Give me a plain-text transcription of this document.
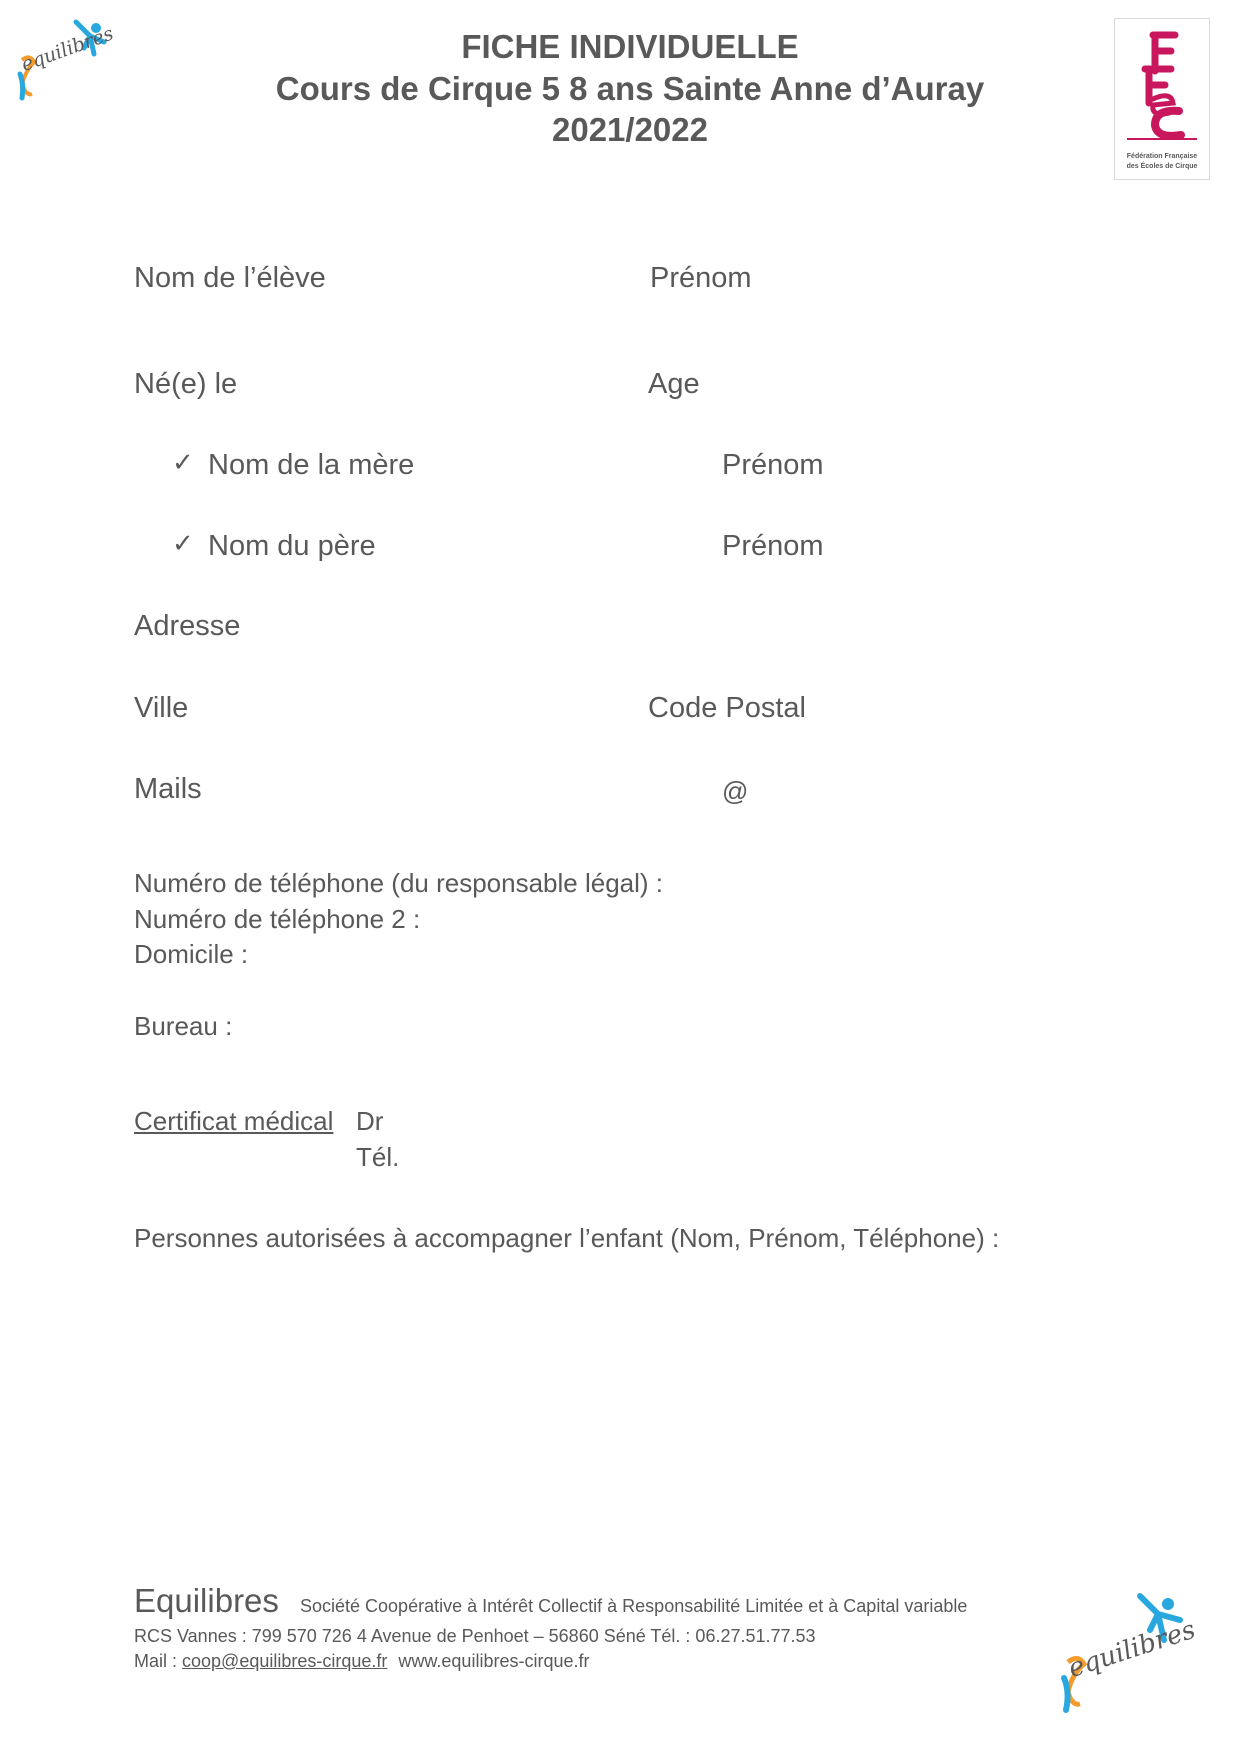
equilibres	FICHE INDIVIDUELLE
Cours de Cirque 5 8 ans Sainte Anne d’Auray
2021/2022
Fédération Française
des Écoles de Cirque
Nom de l’élève	Prénom
Né(e) le	Age
✓ Nom de la mère	Prénom
✓ Nom du père	Prénom
Adresse
Ville	Code Postal
Mails	@
Numéro de téléphone (du responsable légal) :
Numéro de téléphone 2 :
Domicile :
Bureau :
Certificat médical Dr
Tél.
Personnes autorisées à accompagner l’enfant (Nom, Prénom, Téléphone) :
Equilibres Société Coopérative à Intérêt Collectif à Responsabilité Limitée et à Capital variable
RCS Vannes : 799 570 726 4 Avenue de Penhoet – 56860 Séné Tél. : 06.27.51.77.53
Mail : coop@equilibres-cirque.fr www.equilibres-cirque.fr	equilibres
